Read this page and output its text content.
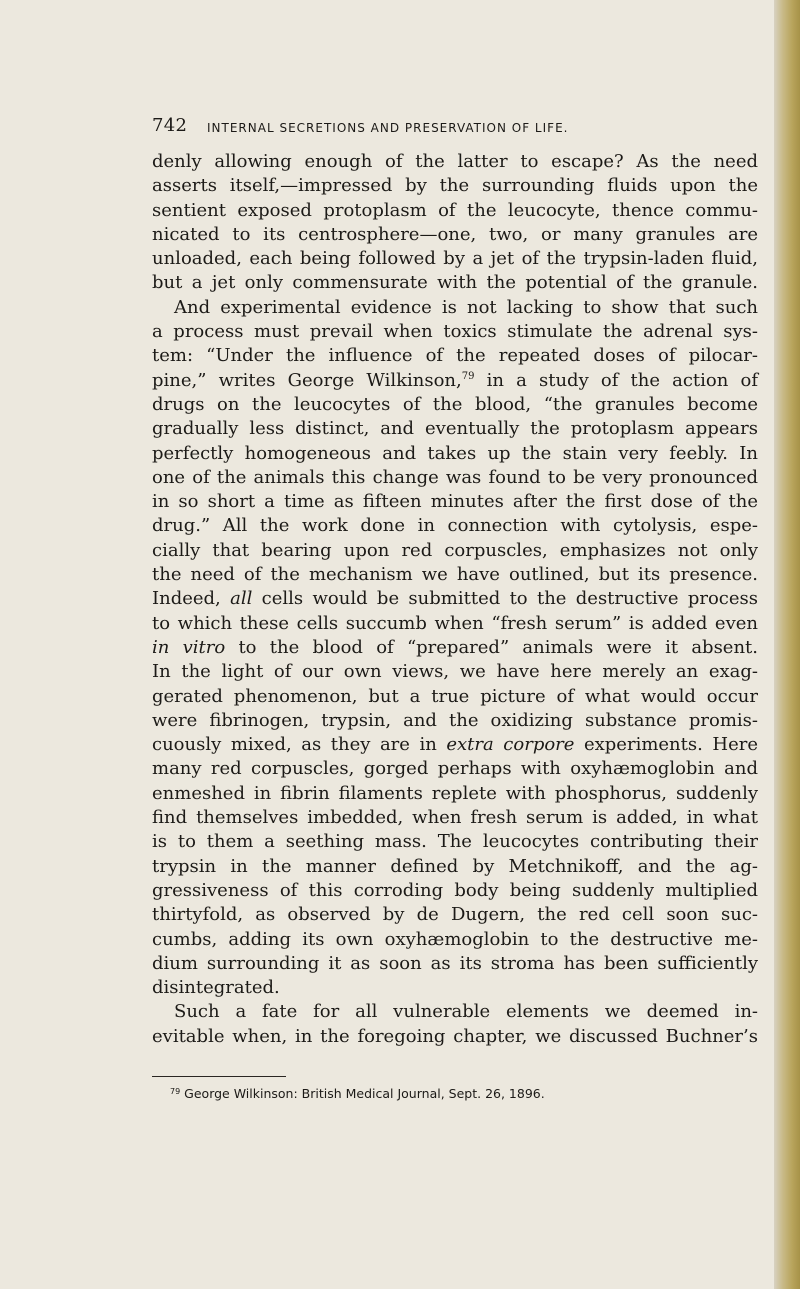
742 INTERNAL SECRETIONS AND PRESERVATION OF LIFE.
denly allowing enough of the latter to escape? As the need
asserts itself,—impressed by the surrounding fluids upon the
sentient exposed protoplasm of the leucocyte, thence commu-
nicated to its centrosphere—one, two, or many granules are
unloaded, each being followed by a jet of the trypsin-laden fluid,
but a jet only commensurate with the potential of the granule.
And experimental evidence is not lacking to show that such
a process must prevail when toxics stimulate the adrenal sys-
tem: “Under the influence of the repeated doses of pilocar-
pine,” writes George Wilkinson,$^{79}$ in a study of the action of
drugs on the leucocytes of the blood, “the granules become
gradually less distinct, and eventually the protoplasm appears
perfectly homogeneous and takes up the stain very feebly. In
one of the animals this change was found to be very pronounced
in so short a time as fifteen minutes after the first dose of the
drug.” All the work done in connection with cytolysis, espe-
cially that bearing upon red corpuscles, emphasizes not only
the need of the mechanism we have outlined, but its presence.
Indeed, all cells would be submitted to the destructive process
to which these cells succumb when “fresh serum” is added even
in vitro to the blood of “prepared” animals were it absent.
In the light of our own views, we have here merely an exag-
gerated phenomenon, but a true picture of what would occur
were fibrinogen, trypsin, and the oxidizing substance promis-
cuously mixed, as they are in extra corpore experiments. Here
many red corpuscles, gorged perhaps with oxyhæmoglobin and
enmeshed in fibrin filaments replete with phosphorus, suddenly
find themselves imbedded, when fresh serum is added, in what
is to them a seething mass. The leucocytes contributing their
trypsin in the manner defined by Metchnikoff, and the ag-
gressiveness of this corroding body being suddenly multiplied
thirtyfold, as observed by de Dugern, the red cell soon suc-
cumbs, adding its own oxyhæmoglobin to the destructive me-
dium surrounding it as soon as its stroma has been sufficiently
disintegrated.
Such a fate for all vulnerable elements we deemed in-
evitable when, in the foregoing chapter, we discussed Buchner’s
$^{79}$ George Wilkinson: British Medical Journal, Sept. 26, 1896.
